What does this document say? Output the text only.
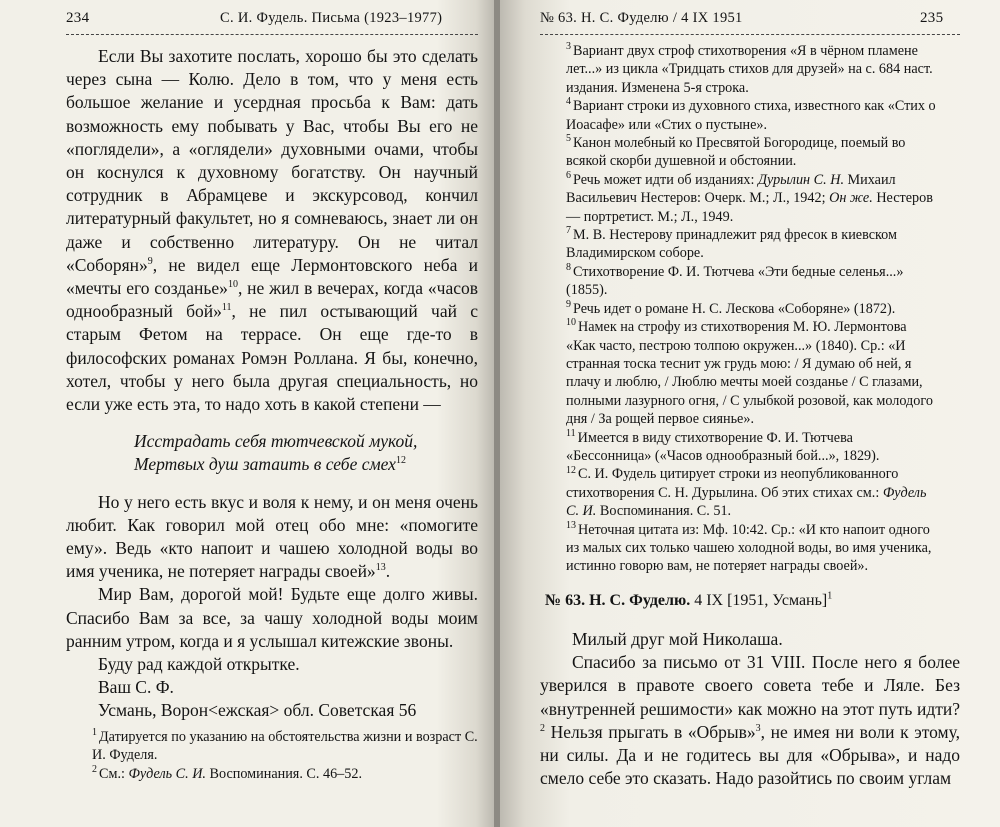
234	С. И. Фудель. Письма (1923–1977)

Если Вы захотите послать, хорошо бы это сделать через сына — Колю. Дело в том, что у меня есть большое желание и усердная просьба к Вам: дать возможность ему побывать у Вас, чтобы Вы его не «поглядели», а «оглядели» духовными очами, чтобы он коснулся к духовному богатству. Он научный сотрудник в Абрамцеве и экскурсовод, кончил литературный факультет, но я сомневаюсь, знает ли он даже и собственно литературу. Он не читал «Соборян»$^9$, не видел еще Лермонтовского неба и «мечты его созданье»$^{10}$, не жил в вечерах, когда «часов однообразный бой»$^{11}$, не пил остывающий чай с старым Фетом на террасе. Он еще где-то в философских романах Ромэн Роллана. Я бы, конечно, хотел, чтобы у него была другая специальность, но если уже есть эта, то надо хоть в какой степени —

Исстрадать себя тютчевской мукой,
Мертвых душ затаить в себе смех$^{12}$

Но у него есть вкус и воля к нему, и он меня очень любит. Как говорил мой отец обо мне: «помогите ему». Ведь «кто напоит и чашею холодной воды во имя ученика, не потеряет награды своей»$^{13}$.

Мир Вам, дорогой мой! Будьте еще долго живы. Спасибо Вам за все, за чашу холодной воды моим ранним утром, когда и я услышал китежские звоны.

Буду рад каждой открытке.

Ваш С. Ф.

Усмань, Ворон<ежская> обл. Советская 56

$^1$ Датируется по указанию на обстоятельства жизни и возраст С. И. Фуделя.

$^2$ См.: Фудель С. И. Воспоминания. С. 46–52.

№ 63. Н. С. Фуделю / 4 IX 1951	235

$^3$ Вариант двух строф стихотворения «Я в чёрном пламене лет...» из цикла «Тридцать стихов для друзей» на с. 684 наст. издания. Изменена 5-я строка.

$^4$ Вариант строки из духовного стиха, известного как «Стих о Иоасафе» или «Стих о пустыне».

$^5$ Канон молебный ко Пресвятой Богородице, поемый во всякой скорби душевной и обстоянии.

$^6$ Речь может идти об изданиях: Дурылин С. Н. Михаил Васильевич Нестеров: Очерк. М.; Л., 1942; Он же. Нестеров — портретист. М.; Л., 1949.

$^7$ М. В. Нестерову принадлежит ряд фресок в киевском Владимирском соборе.

$^8$ Стихотворение Ф. И. Тютчева «Эти бедные селенья...» (1855).

$^9$ Речь идет о романе Н. С. Лескова «Соборяне» (1872).

$^{10}$ Намек на строфу из стихотворения М. Ю. Лермонтова «Как часто, пестрою толпою окружен...» (1840). Ср.: «И странная тоска теснит уж грудь мою: / Я думаю об ней, я плачу и люблю, / Люблю мечты моей созданье / С глазами, полными лазурного огня, / С улыбкой розовой, как молодого дня / За рощей первое сиянье».

$^{11}$ Имеется в виду стихотворение Ф. И. Тютчева «Бессонница» («Часов однообразный бой...», 1829).

$^{12}$ С. И. Фудель цитирует строки из неопубликованного стихотворения С. Н. Дурылина. Об этих стихах см.: Фудель С. И. Воспоминания. С. 51.

$^{13}$ Неточная цитата из: Мф. 10:42. Ср.: «И кто напоит одного из малых сих только чашею холодной воды, во имя ученика, истинно говорю вам, не потеряет награды своей».

№ 63. Н. С. Фуделю. 4 IX [1951, Усмань]$^1$

Милый друг мой Николаша.

Спасибо за письмо от 31 VIII. После него я более уверился в правоте своего совета тебе и Ляле. Без «внутренней решимости» как можно на этот путь идти?$^2$ Нельзя прыгать в «Обрыв»$^3$, не имея ни воли к этому, ни силы. Да и не годитесь вы для «Обрыва», и надо смело себе это сказать. Надо разойтись по своим углам
